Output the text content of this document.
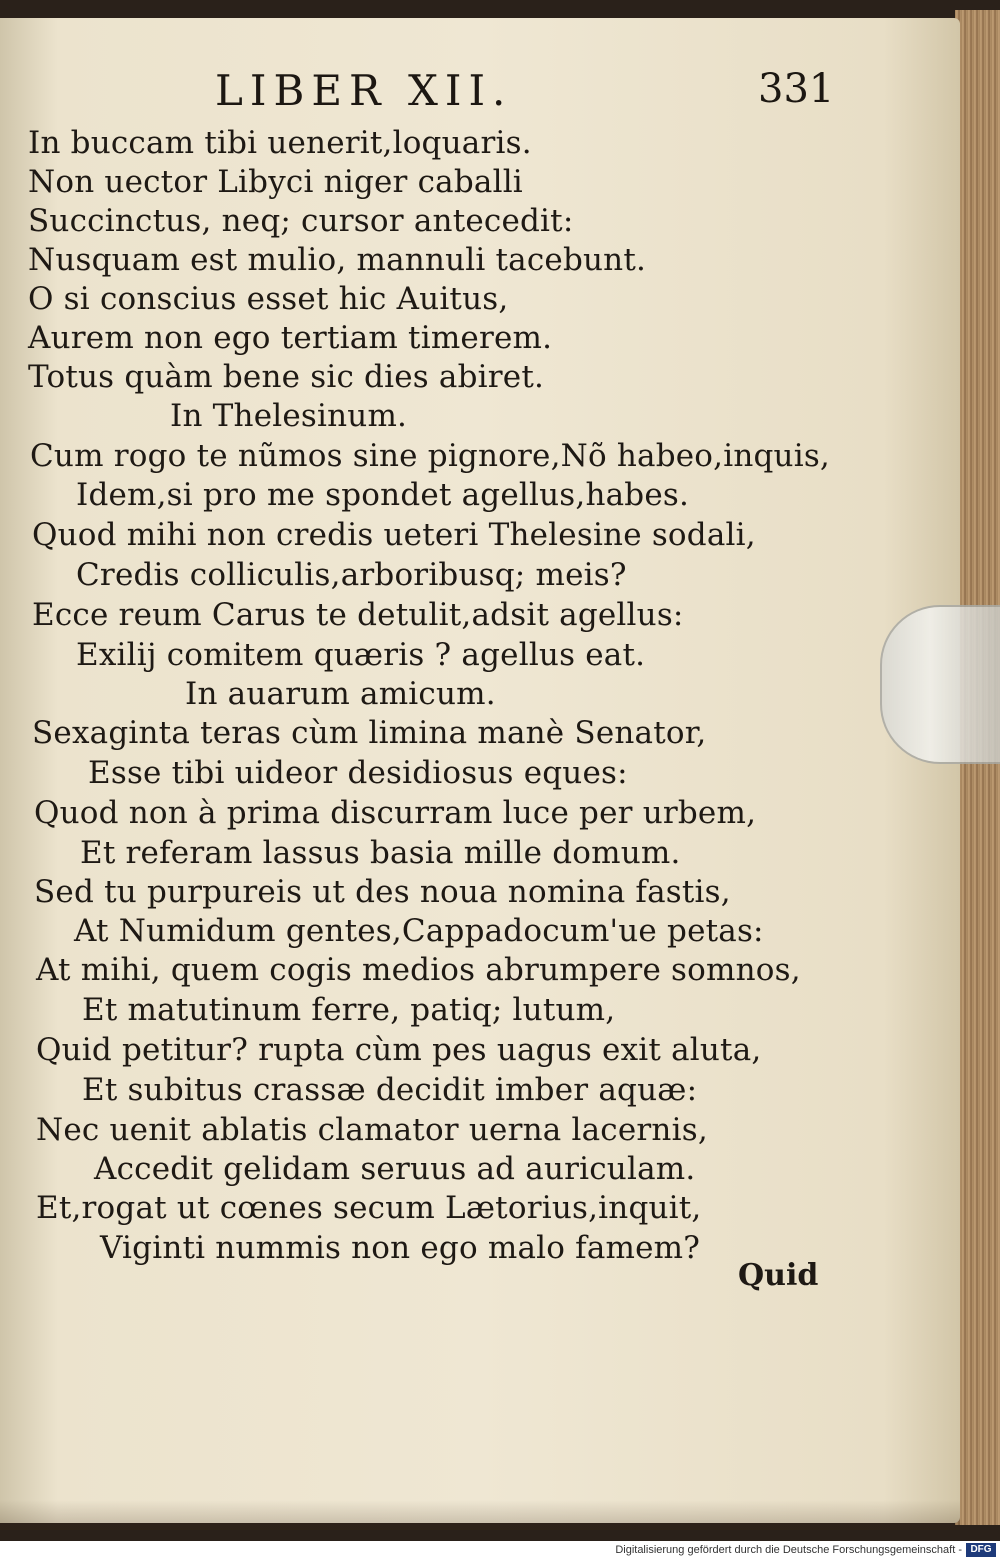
LIBER XII.	331
In buccam tibi uenerit,loquaris.
Non uector Libyci niger caballi
Succinctus, neq; cursor antecedit:
Nusquam est mulio, mannuli tacebunt.
O si conscius esset hic Auitus,
Aurem non ego tertiam timerem.
Totus quàm bene sic dies abiret.
In Thelesinum.
Cum rogo te nũmos sine pignore,Nõ habeo,inquis,
Idem,si pro me spondet agellus,habes.
Quod mihi non credis ueteri Thelesine sodali,
Credis colliculis,arboribusq; meis?
Ecce reum Carus te detulit,adsit agellus:
Exilij comitem quæris ? agellus eat.
In auarum amicum.
Sexaginta teras cùm limina manè Senator,
Esse tibi uideor desidiosus eques:
Quod non à prima discurram luce per urbem,
Et referam lassus basia mille domum.
Sed tu purpureis ut des noua nomina fastis,
At Numidum gentes,Cappadocum'ue petas:
At mihi, quem cogis medios abrumpere somnos,
Et matutinum ferre, patiq; lutum,
Quid petitur? rupta cùm pes uagus exit aluta,
Et subitus crassæ decidit imber aquæ:
Nec uenit ablatis clamator uerna lacernis,
Accedit gelidam seruus ad auriculam.
Et,rogat ut cœnes secum Lætorius,inquit,
Viginti nummis non ego malo famem?
Quid
Digitalisierung gefördert durch die Deutsche Forschungsgemeinschaft - DFG
